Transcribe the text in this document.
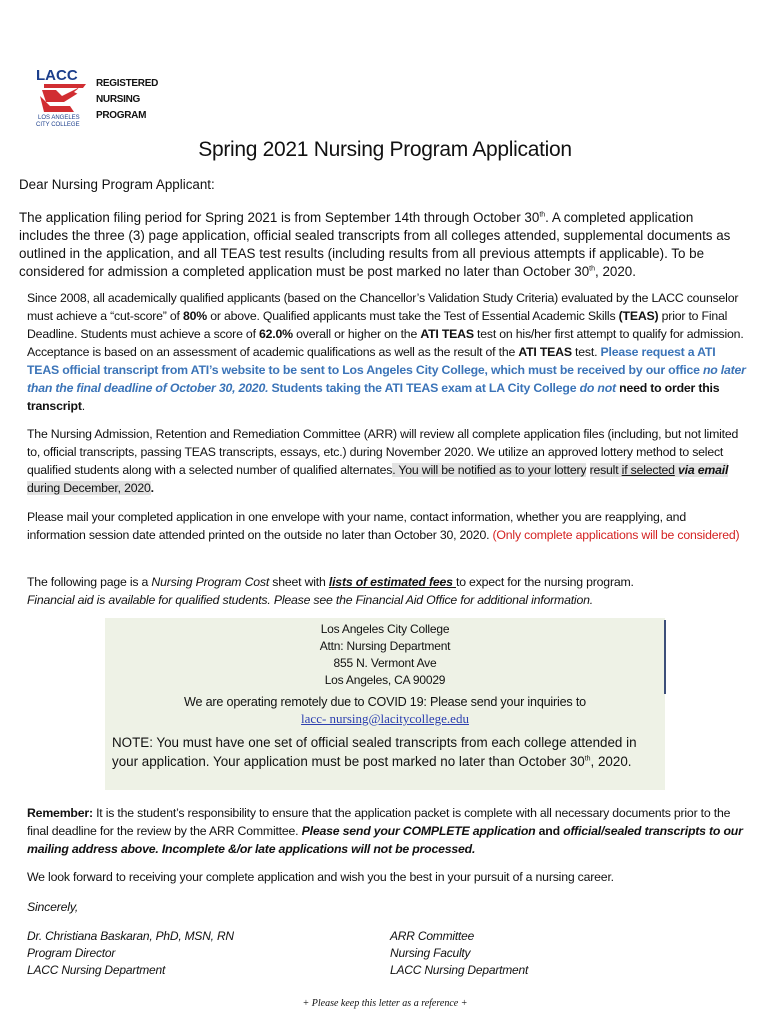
LACC
LOS ANGELES
CITY COLLEGE
REGISTERED
NURSING
PROGRAM
Spring 2021 Nursing Program Application
Dear Nursing Program Applicant:
The application filing period for Spring 2021 is from September 14th through October 30th. A completed application includes the three (3) page application, official sealed transcripts from all colleges attended, supplemental documents as outlined in the application, and all TEAS test results (including results from all previous attempts if applicable). To be considered for admission a completed application must be post marked no later than October 30th, 2020.
Since 2008, all academically qualified applicants (based on the Chancellor’s Validation Study Criteria) evaluated by the LACC counselor must achieve a “cut-score” of 80% or above. Qualified applicants must take the Test of Essential Academic Skills (TEAS) prior to Final Deadline. Students must achieve a score of 62.0% overall or higher on the ATI TEAS test on his/her first attempt to qualify for admission. Acceptance is based on an assessment of academic qualifications as well as the result of the ATI TEAS test. Please request a ATI TEAS official transcript from ATI’s website to be sent to Los Angeles City College, which must be received by our office no later than the final deadline of October 30, 2020. Students taking the ATI TEAS exam at LA City College do not need to order this transcript.
The Nursing Admission, Retention and Remediation Committee (ARR) will review all complete application files (including, but not limited to, official transcripts, passing TEAS transcripts, essays, etc.) during November 2020. We utilize an approved lottery method to select qualified students along with a selected number of qualified alternates. You will be notified as to your lottery result if selected via email during December, 2020.
Please mail your completed application in one envelope with your name, contact information, whether you are reapplying, and information session date attended printed on the outside no later than October 30, 2020. (Only complete applications will be considered)
The following page is a Nursing Program Cost sheet with lists of estimated fees to expect for the nursing program.
Financial aid is available for qualified students. Please see the Financial Aid Office for additional information.
Los Angeles City College
Attn: Nursing Department
855 N. Vermont Ave
Los Angeles, CA 90029
We are operating remotely due to COVID 19: Please send your inquiries to
lacc- nursing@lacitycollege.edu
NOTE: You must have one set of official sealed transcripts from each college attended in your application. Your application must be post marked no later than October 30th, 2020.
Remember: It is the student’s responsibility to ensure that the application packet is complete with all necessary documents prior to the final deadline for the review by the ARR Committee. Please send your COMPLETE application and official/sealed transcripts to our mailing address above. Incomplete &/or late applications will not be processed.
We look forward to receiving your complete application and wish you the best in your pursuit of a nursing career.
Sincerely,
Dr. Christiana Baskaran, PhD, MSN, RN
Program Director
LACC Nursing Department
ARR Committee
Nursing Faculty
LACC Nursing Department
+ Please keep this letter as a reference +
